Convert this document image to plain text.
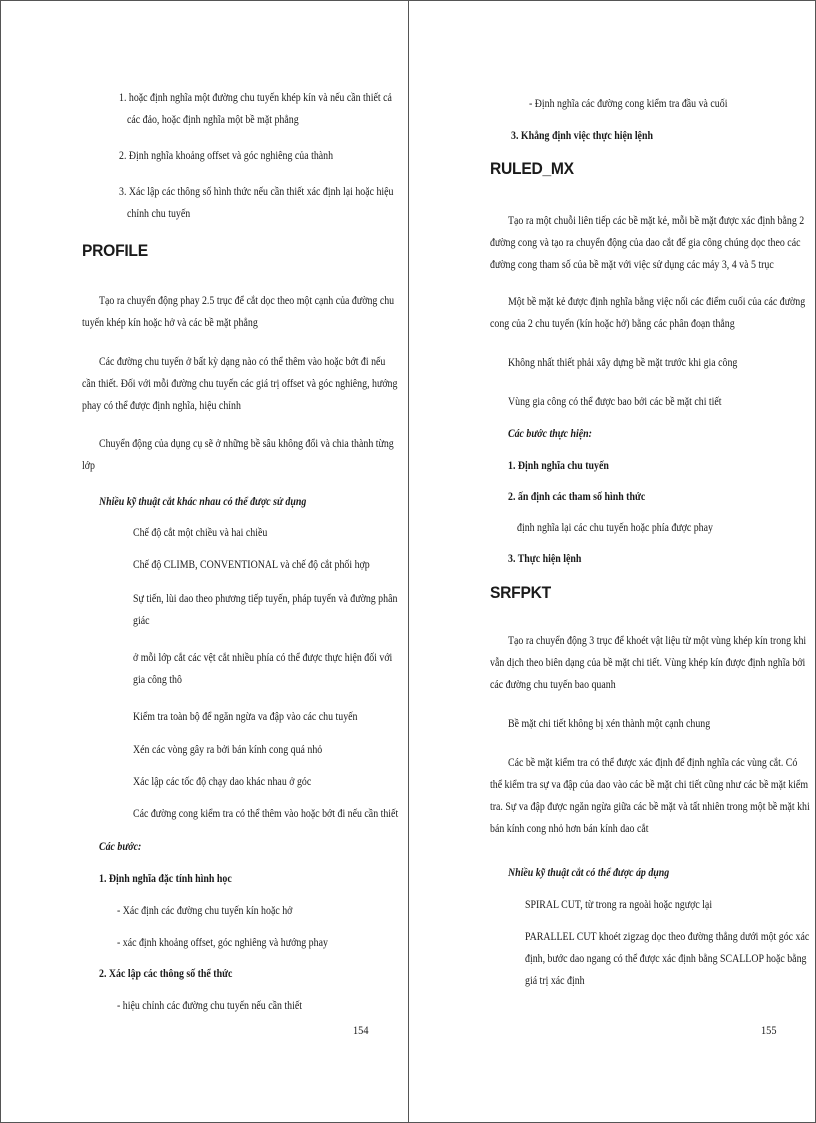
1. hoặc định nghĩa một đường chu tuyến khép kín và nếu cần thiết cả
các đảo, hoặc định nghĩa một bề mặt phẳng
2. Định nghĩa khoảng offset và góc nghiêng của thành
3. Xác lập các thông số hình thức nếu cần thiết xác định lại hoặc hiệu
chỉnh chu tuyến
PROFILE
Tạo ra chuyển động phay 2.5 trục để cắt dọc theo một cạnh của đường chu
tuyến khép kín hoặc hở và các bề mặt phẳng
Các đường chu tuyến ở bất kỳ dạng nào có thể thêm vào hoặc bớt đi nếu
cần thiết. Đối với mỗi đường chu tuyến các giá trị offset và góc nghiêng, hướng
phay có thể được định nghĩa, hiệu chỉnh
Chuyển động của dụng cụ sẽ ở những bề sâu không đổi và chia thành từng
lớp
Nhiều kỹ thuật cắt khác nhau có thể được sử dụng
Chế độ cắt một chiều và hai chiều
Chế độ CLIMB, CONVENTIONAL và chế độ cắt phối hợp
Sự tiến, lùi dao theo phương tiếp tuyến, pháp tuyến và đường phân
giác
ở mỗi lớp cắt các vệt cắt nhiều phía có thể được thực hiện đối với
gia công thô
Kiểm tra toàn bộ để ngăn ngừa va đập vào các chu tuyến
Xén các vòng gây ra bởi bán kính cong quá nhỏ
Xác lập các tốc độ chạy dao khác nhau ở góc
Các đường cong kiểm tra có thể thêm vào hoặc bớt đi nếu cần thiết
Các bước:
1. Định nghĩa đặc tính hình học
- Xác định các đường chu tuyến kín hoặc hở
- xác định khoảng offset, góc nghiêng và hướng phay
2. Xác lập các thông số thể thức
- hiệu chỉnh các đường chu tuyến nếu cần thiết
154
- Định nghĩa các đường cong kiểm tra đầu và cuối
3. Khẳng định việc thực hiện lệnh
RULED_MX
Tạo ra một chuỗi liên tiếp các bề mặt kẻ, mỗi bề mặt được xác định bằng 2
đường cong và tạo ra chuyển động của dao cắt để gia công chúng dọc theo các
đường cong tham số của bề mặt với việc sử dụng các máy 3, 4 và 5 trục
Một bề mặt kẻ được định nghĩa bằng việc nối các điểm cuối của các đường
cong của 2 chu tuyến (kín hoặc hở) bằng các phân đoạn thẳng
Không nhất thiết phải xây dựng bề mặt trước khi gia công
Vùng gia công có thể được bao bởi các bề mặt chi tiết
Các bước thực hiện:
1. Định nghĩa chu tuyến
2. ấn định các tham số hình thức
định nghĩa lại các chu tuyến hoặc phía được phay
3. Thực hiện lệnh
SRFPKT
Tạo ra chuyển động 3 trục để khoét vật liệu từ một vùng khép kín trong khi
vẫn dịch theo biên dạng của bề mặt chi tiết. Vùng khép kín được định nghĩa bởi
các đường chu tuyến bao quanh
Bề mặt chi tiết không bị xén thành một cạnh chung
Các bề mặt kiểm tra có thể được xác định để định nghĩa các vùng cắt. Có
thể kiểm tra sự va đập của dao vào các bề mặt chi tiết cũng như các bề mặt kiểm
tra. Sự va đập được ngăn ngừa giữa các bề mặt và tất nhiên trong một bề mặt khi
bán kính cong nhỏ hơn bán kính dao cắt
Nhiều kỹ thuật cắt có thể được áp dụng
SPIRAL CUT, từ trong ra ngoài hoặc ngược lại
PARALLEL CUT khoét zigzag dọc theo đường thẳng dưới một góc xác
định, bước dao ngang có thể được xác định bằng SCALLOP hoặc bằng
giá trị xác định
155
